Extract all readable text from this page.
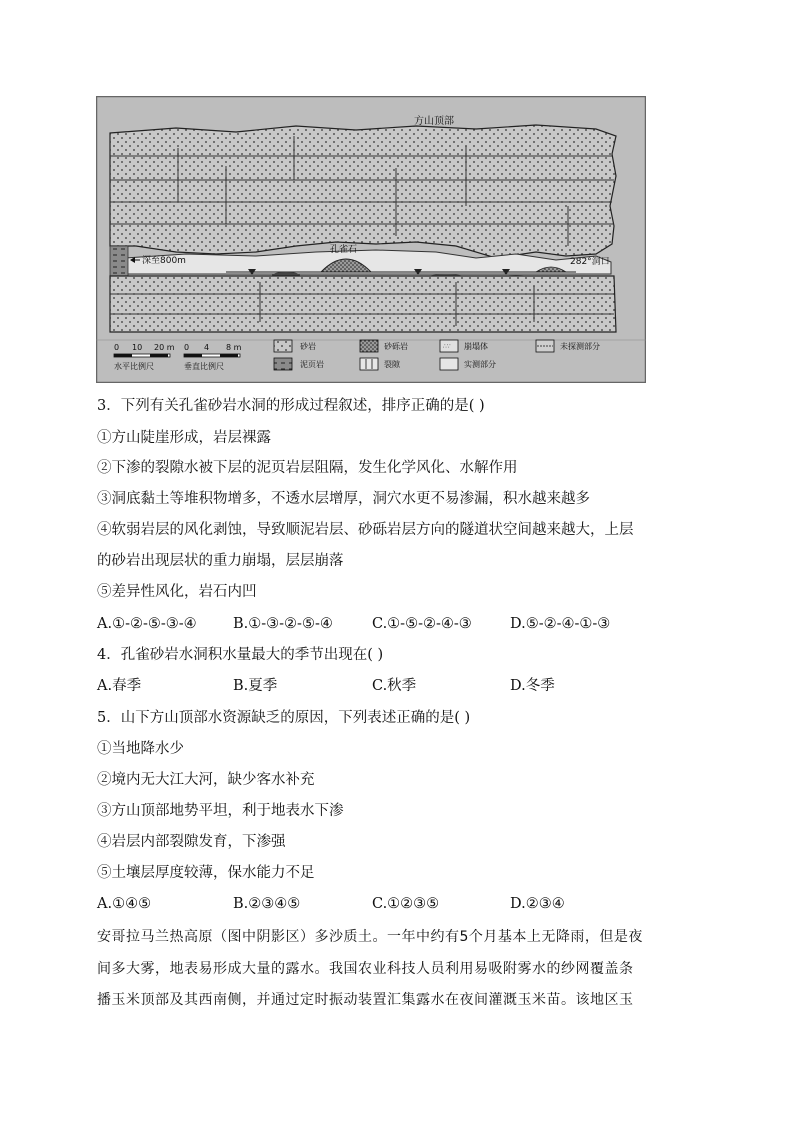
方山顶部
深至800m
孔雀石
282°洞口
0 10 20 m
水平比例尺
0 4 8 m
垂直比例尺
砂岩	砂砾岩	∴∵ 崩塌体	未探测部分
泥页岩	裂隙	实测部分
3．下列有关孔雀砂岩水洞的形成过程叙述，排序正确的是( )
①方山陡崖形成，岩层裸露
②下渗的裂隙水被下层的泥页岩层阻隔，发生化学风化、水解作用
③洞底黏土等堆积物增多，不透水层增厚，洞穴水更不易渗漏，积水越来越多
④软弱岩层的风化剥蚀，导致顺泥岩层、砂砾岩层方向的隧道状空间越来越大，上层
的砂岩出现层状的重力崩塌，层层崩落
⑤差异性风化，岩石内凹
A.①-②-⑤-③-④	B.①-③-②-⑤-④	C.①-⑤-②-④-③	D.⑤-②-④-①-③
4．孔雀砂岩水洞积水量最大的季节出现在( )
A.春季	B.夏季	C.秋季	D.冬季
5．山下方山顶部水资源缺乏的原因，下列表述正确的是( )
①当地降水少
②境内无大江大河，缺少客水补充
③方山顶部地势平坦，利于地表水下渗
④岩层内部裂隙发育，下渗强
⑤土壤层厚度较薄，保水能力不足
A.①④⑤	B.②③④⑤	C.①②③⑤	D.②③④
安哥拉马兰热高原（图中阴影区）多沙质土。一年中约有5个月基本上无降雨，但是夜
间多大雾，地表易形成大量的露水。我国农业科技人员利用易吸附雾水的纱网覆盖条
播玉米顶部及其西南侧，并通过定时振动装置汇集露水在夜间灌溉玉米苗。该地区玉
